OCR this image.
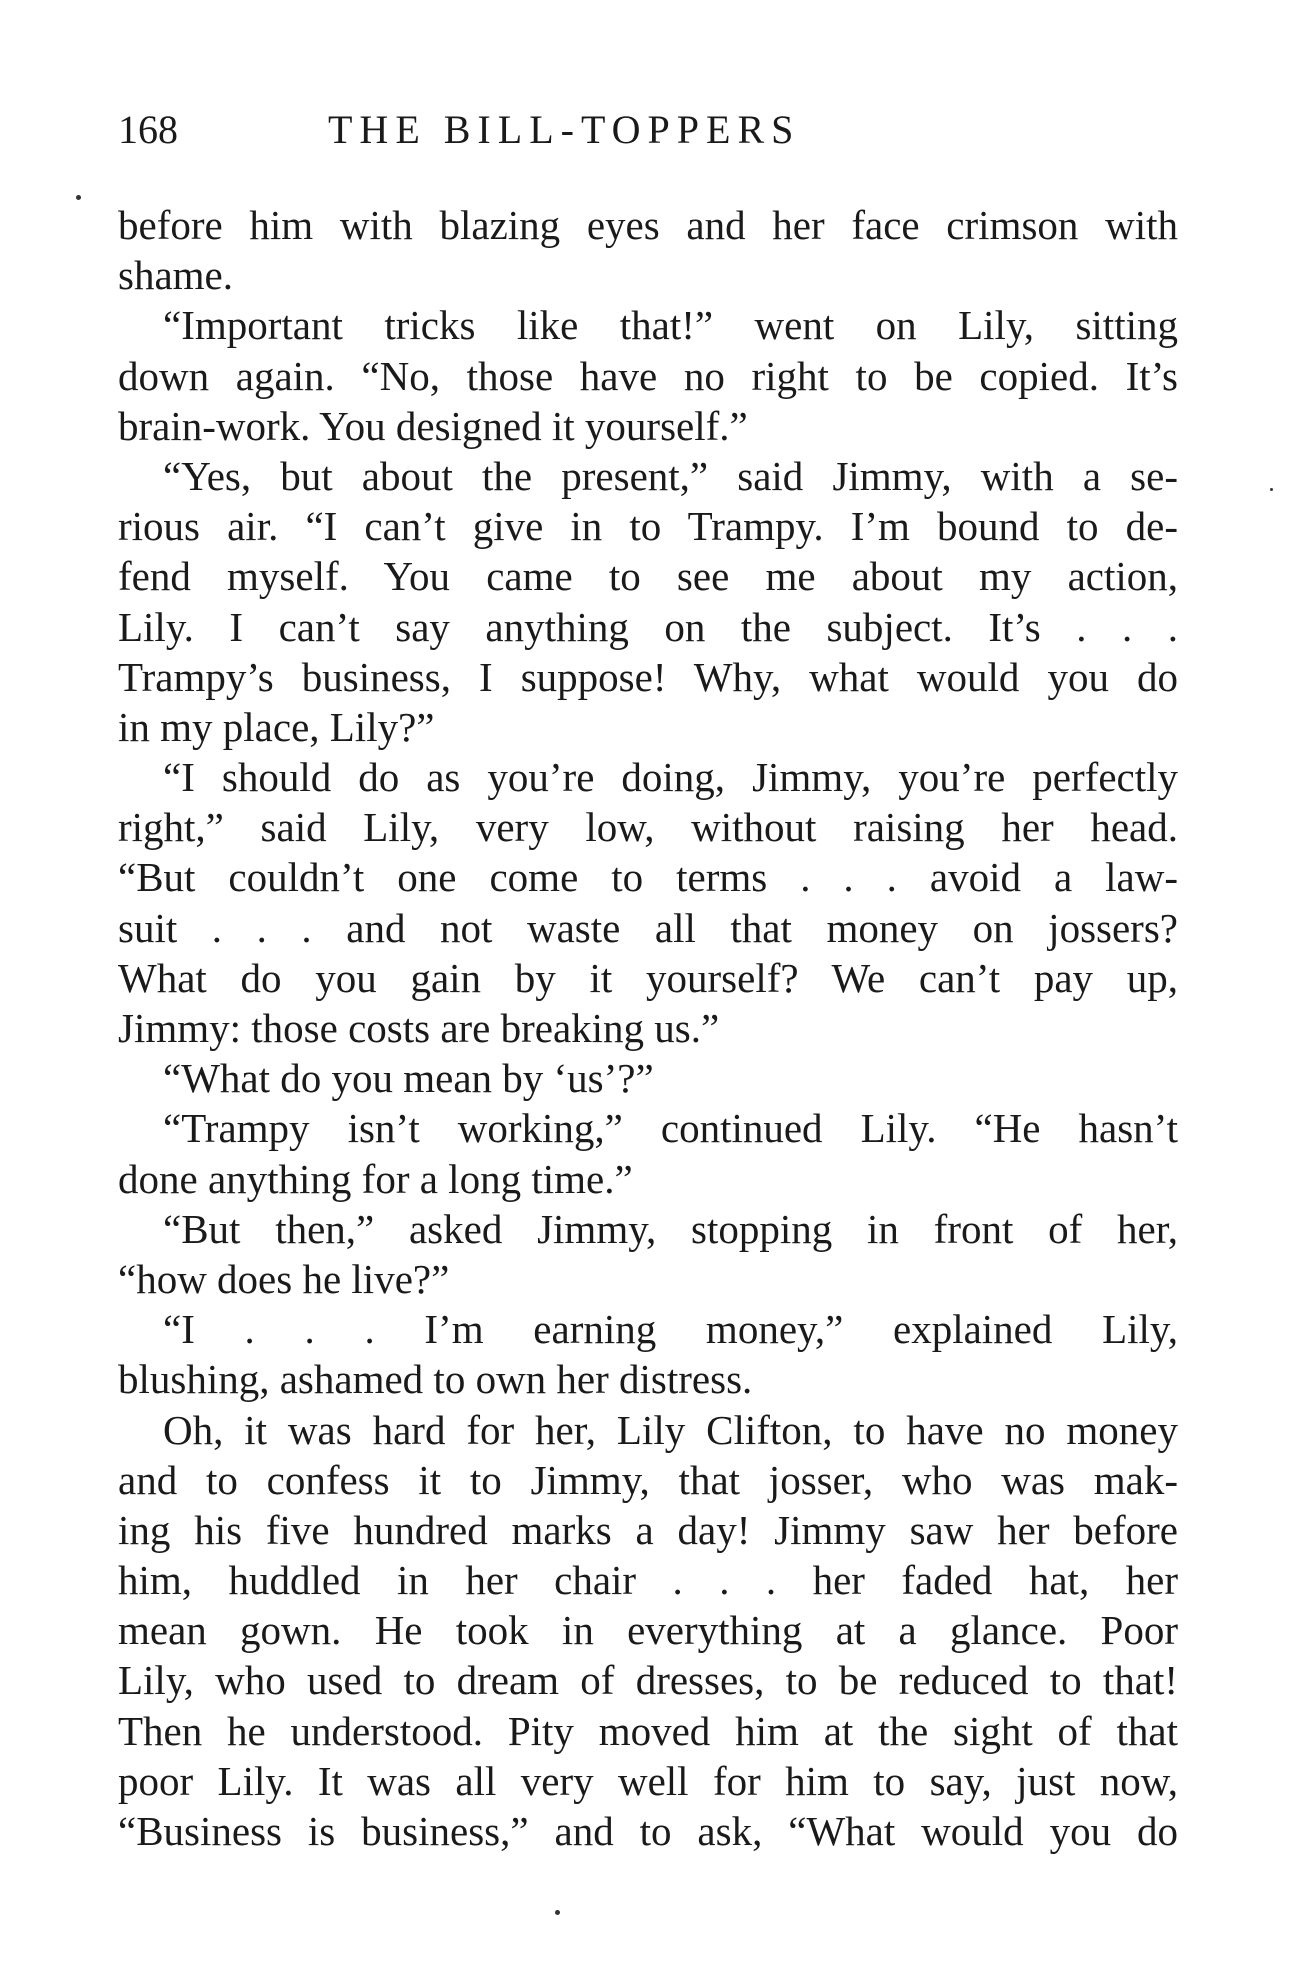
168	THE BILL-TOPPERS
before him with blazing eyes and her face crimson with
shame.
“Important tricks like that!” went on Lily, sitting
down again. “No, those have no right to be copied. It’s
brain-work. You designed it yourself.”
“Yes, but about the present,” said Jimmy, with a se-
rious air. “I can’t give in to Trampy. I’m bound to de-
fend myself. You came to see me about my action,
Lily. I can’t say anything on the subject. It’s . . .
Trampy’s business, I suppose! Why, what would you do
in my place, Lily?”
“I should do as you’re doing, Jimmy, you’re perfectly
right,” said Lily, very low, without raising her head.
“But couldn’t one come to terms . . . avoid a law-
suit . . . and not waste all that money on jossers?
What do you gain by it yourself? We can’t pay up,
Jimmy: those costs are breaking us.”
“What do you mean by ‘us’?”
“Trampy isn’t working,” continued Lily. “He hasn’t
done anything for a long time.”
“But then,” asked Jimmy, stopping in front of her,
“how does he live?”
“I . . . I’m earning money,” explained Lily,
blushing, ashamed to own her distress.
Oh, it was hard for her, Lily Clifton, to have no money
and to confess it to Jimmy, that josser, who was mak-
ing his five hundred marks a day! Jimmy saw her before
him, huddled in her chair . . . her faded hat, her
mean gown. He took in everything at a glance. Poor
Lily, who used to dream of dresses, to be reduced to that!
Then he understood. Pity moved him at the sight of that
poor Lily. It was all very well for him to say, just now,
“Business is business,” and to ask, “What would you do
